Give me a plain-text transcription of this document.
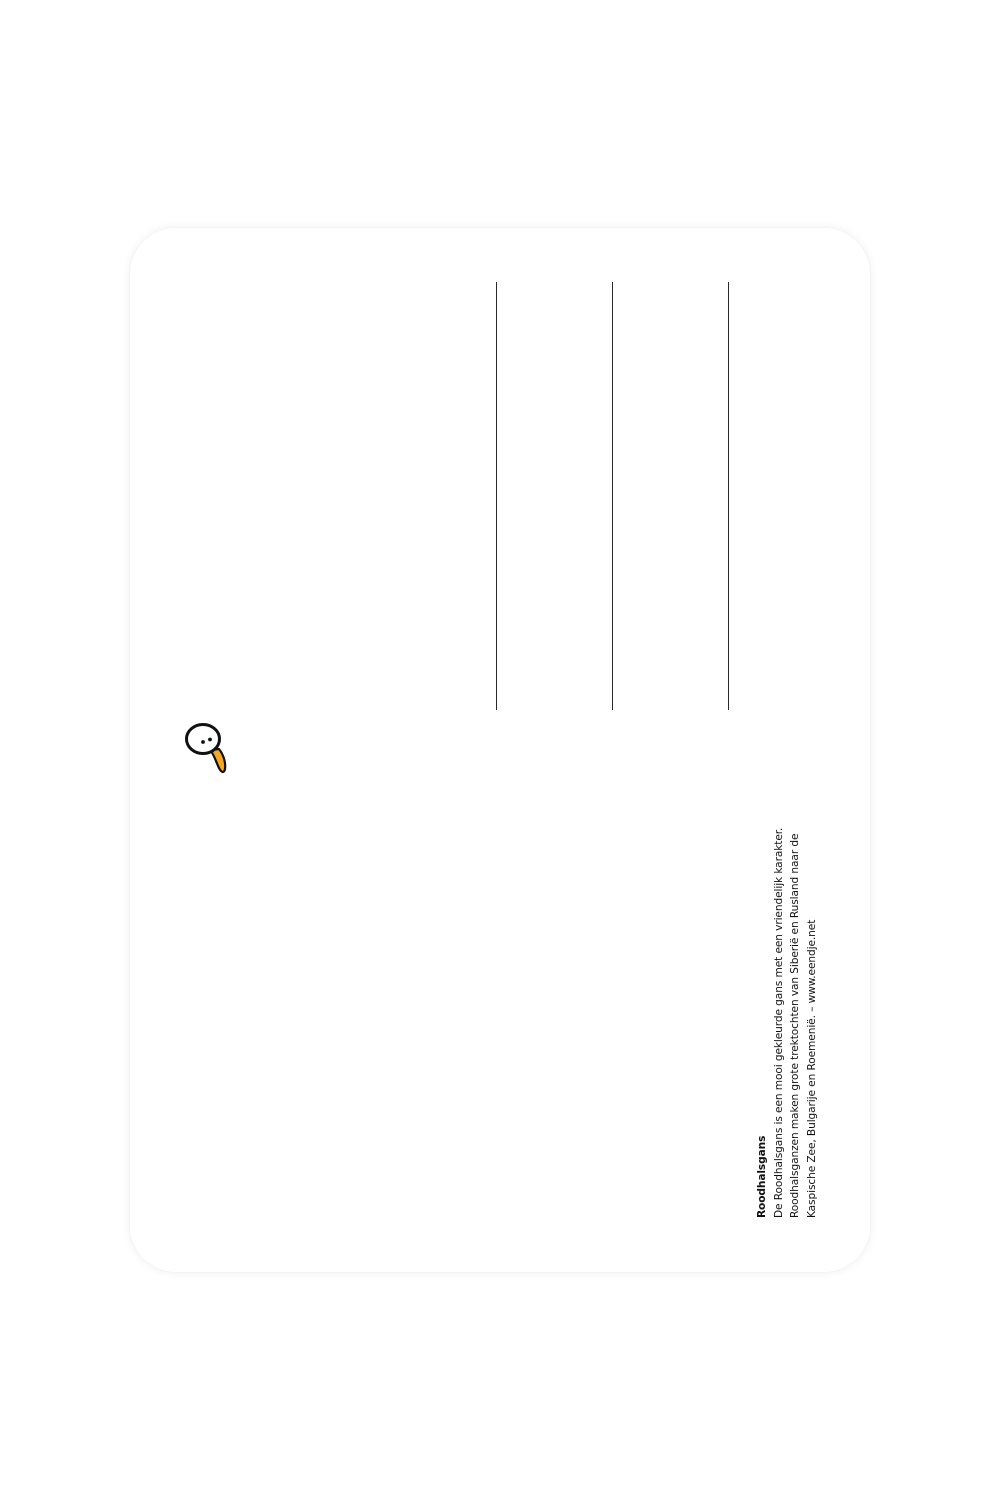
Roodhalsgans De Roodhalsgans is een mooi gekleurde gans met een vriendelijk karakter. Roodhalsganzen maken grote trektochten van Siberië en Rusland naar de Kaspische Zee, Bulgarije en Roemenië. – www.eendje.net
